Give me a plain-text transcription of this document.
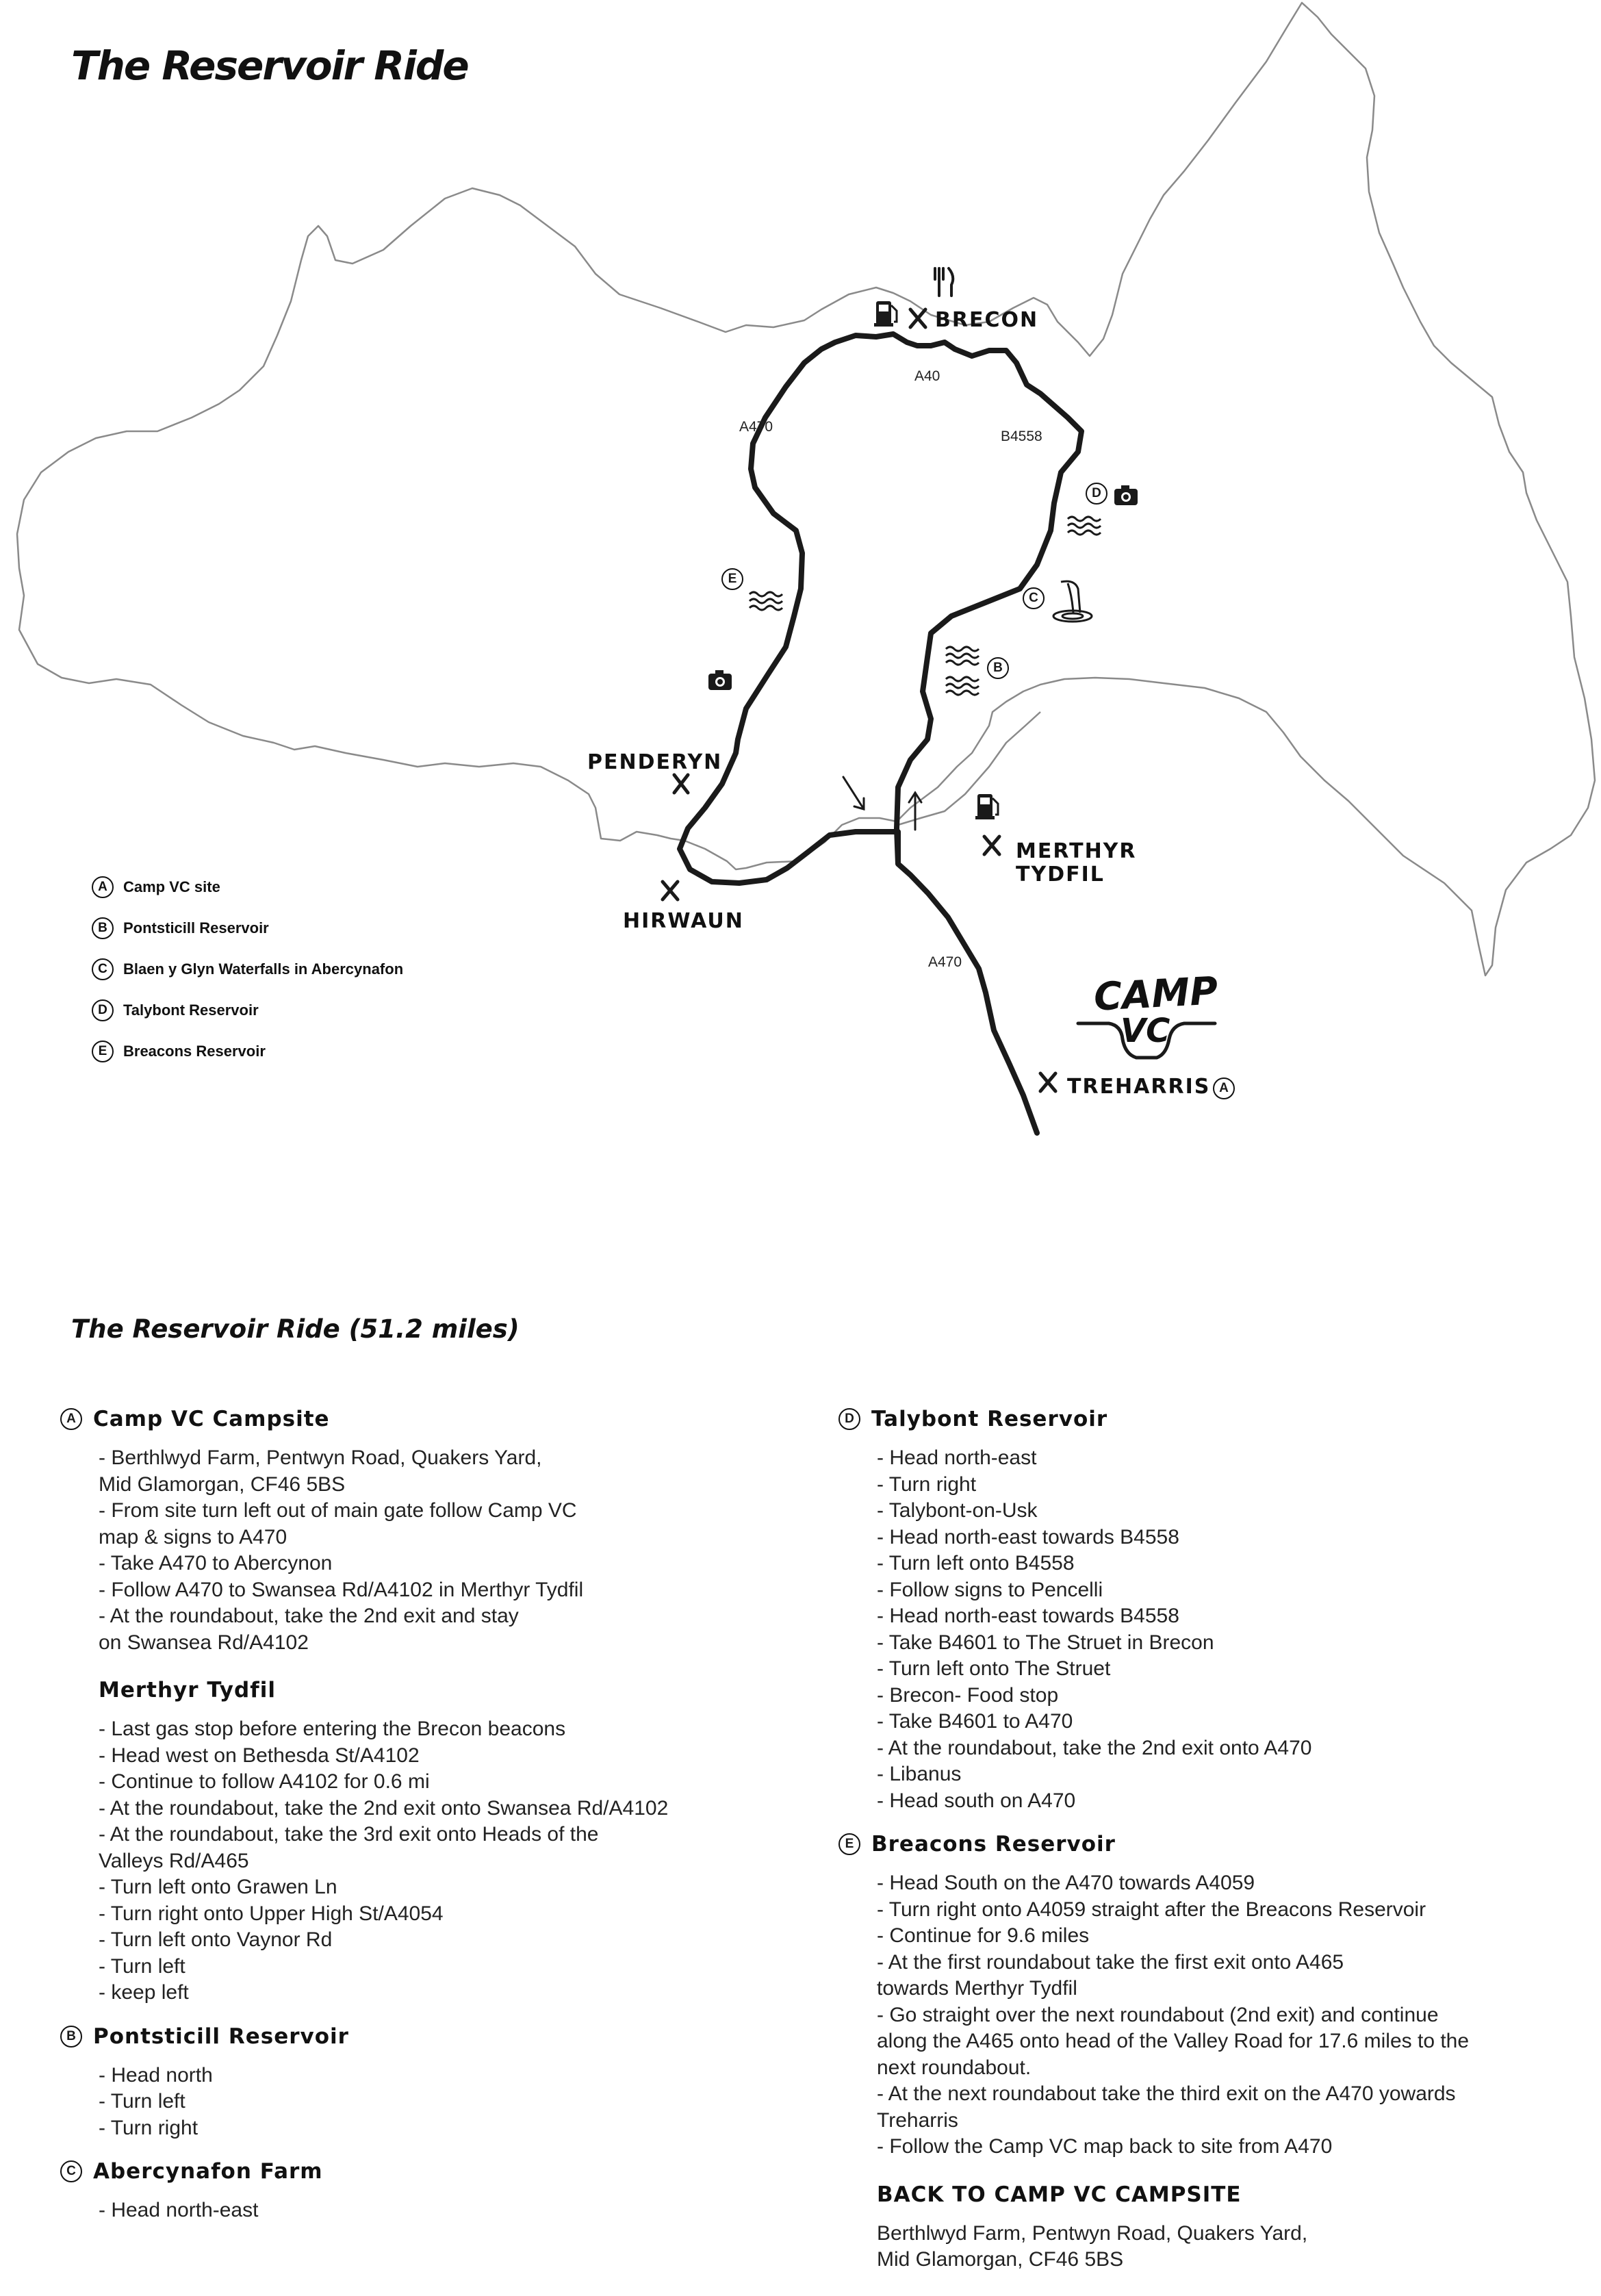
The Reservoir Ride
BRECON
PENDERYN
HIRWAUN
MERTHYR
TYDFIL
TREHARRIS
A40
A470
B4558
A470
D
E
C
B
A
CAMP
VC
A	Camp VC site
B	Pontsticill Reservoir
C	Blaen y Glyn Waterfalls in Abercynafon
D	Talybont Reservoir
E	Breacons Reservoir
The Reservoir Ride (51.2 miles)
A Camp VC Campsite
- Berthlwyd Farm, Pentwyn Road, Quakers Yard,
Mid Glamorgan, CF46 5BS
- From site turn left out of main gate follow Camp VC
map & signs to A470
- Take A470 to Abercynon
- Follow A470 to Swansea Rd/A4102 in Merthyr Tydfil
- At the roundabout, take the 2nd exit and stay
on Swansea Rd/A4102
Merthyr Tydfil
- Last gas stop before entering the Brecon beacons
- Head west on Bethesda St/A4102
- Continue to follow A4102 for 0.6 mi
- At the roundabout, take the 2nd exit onto Swansea Rd/A4102
- At the roundabout, take the 3rd exit onto Heads of the
Valleys Rd/A465
- Turn left onto Grawen Ln
- Turn right onto Upper High St/A4054
- Turn left onto Vaynor Rd
- Turn left
- keep left
B Pontsticill Reservoir
- Head north
- Turn left
- Turn right
C Abercynafon Farm
- Head north-east
D Talybont Reservoir
- Head north-east
- Turn right
- Talybont-on-Usk
- Head north-east towards B4558
- Turn left onto B4558
- Follow signs to Pencelli
- Head north-east towards B4558
- Take B4601 to The Struet in Brecon
- Turn left onto The Struet
- Brecon- Food stop
- Take B4601 to A470
- At the roundabout, take the 2nd exit onto A470
- Libanus
- Head south on A470
E Breacons Reservoir
- Head South on the A470 towards A4059
- Turn right onto A4059 straight after the Breacons Reservoir
- Continue for 9.6 miles
- At the first roundabout take the first exit onto A465
towards Merthyr Tydfil
- Go straight over the next roundabout (2nd exit) and continue
along the A465 onto head of the Valley Road for 17.6 miles to the
next roundabout.
- At the next roundabout take the third exit on the A470 yowards
Treharris
- Follow the Camp VC map back to site from A470
BACK TO CAMP VC CAMPSITE
Berthlwyd Farm, Pentwyn Road, Quakers Yard,
Mid Glamorgan, CF46 5BS
